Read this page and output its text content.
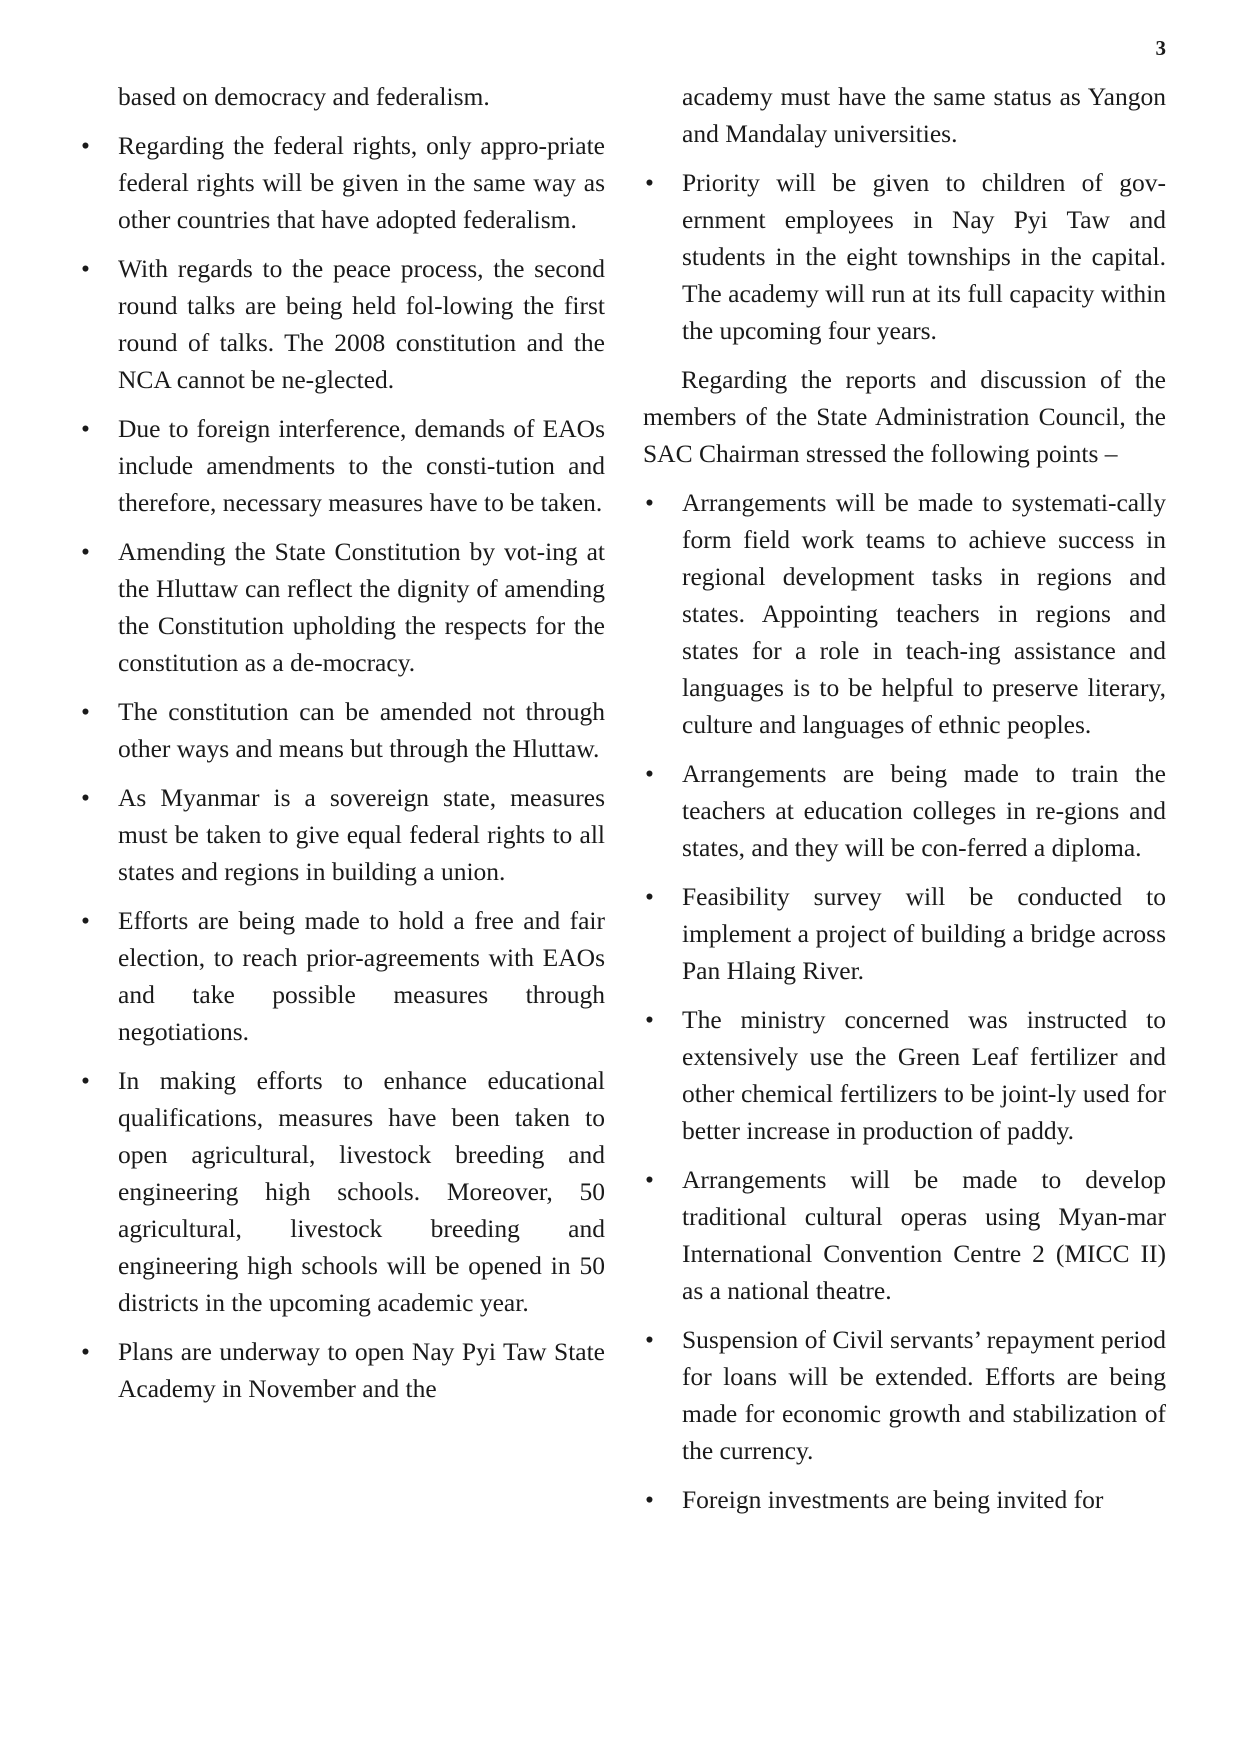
3

based on democracy and federalism.

• Regarding the federal rights, only appro-priate federal rights will be given in the same way as other countries that have adopted federalism.
• With regards to the peace process, the second round talks are being held fol-lowing the first round of talks. The 2008 constitution and the NCA cannot be ne-glected.
• Due to foreign interference, demands of EAOs include amendments to the consti-tution and therefore, necessary measures have to be taken.
• Amending the State Constitution by vot-ing at the Hluttaw can reflect the dignity of amending the Constitution upholding the respects for the constitution as a de-mocracy.
• The constitution can be amended not through other ways and means but through the Hluttaw.
• As Myanmar is a sovereign state, measures must be taken to give equal federal rights to all states and regions in building a union.
• Efforts are being made to hold a free and fair election, to reach prior-agreements with EAOs and take possible measures through negotiations.
• In making efforts to enhance educational qualifications, measures have been taken to open agricultural, livestock breeding and engineering high schools. Moreover, 50 agricultural, livestock breeding and engineering high schools will be opened in 50 districts in the upcoming academic year.
• Plans are underway to open Nay Pyi Taw State Academy in November and the

academy must have the same status as Yangon and Mandalay universities.

• Priority will be given to children of gov-ernment employees in Nay Pyi Taw and students in the eight townships in the capital. The academy will run at its full capacity within the upcoming four years.

Regarding the reports and discussion of the members of the State Administration Council, the SAC Chairman stressed the following points –

• Arrangements will be made to systemati-cally form field work teams to achieve success in regional development tasks in regions and states. Appointing teachers in regions and states for a role in teach-ing assistance and languages is to be helpful to preserve literary, culture and languages of ethnic peoples.
• Arrangements are being made to train the teachers at education colleges in re-gions and states, and they will be con-ferred a diploma.
• Feasibility survey will be conducted to implement a project of building a bridge across Pan Hlaing River.
• The ministry concerned was instructed to extensively use the Green Leaf fertilizer and other chemical fertilizers to be joint-ly used for better increase in production of paddy.
• Arrangements will be made to develop traditional cultural operas using Myan-mar International Convention Centre 2 (MICC II) as a national theatre.
• Suspension of Civil servants’ repayment period for loans will be extended. Efforts are being made for economic growth and stabilization of the currency.
• Foreign investments are being invited for
